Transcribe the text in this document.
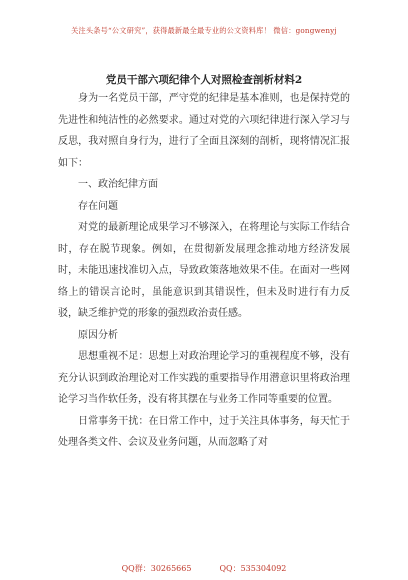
关注头条号“公文研究”，获得最新最全最专业的公文资料库！ 微信：gongwenyj
党员干部六项纪律个人对照检查剖析材料2

身为一名党员干部，严守党的纪律是基本准则，也是保持党的先进性和纯洁性的必然要求。通过对党的六项纪律进行深入学习与反思，我对照自身行为，进行了全面且深刻的剖析，现将情况汇报如下：

一、政治纪律方面

存在问题

对党的最新理论成果学习不够深入，在将理论与实际工作结合时，存在脱节现象。例如，在贯彻新发展理念推动地方经济发展时，未能迅速找准切入点，导致政策落地效果不佳。在面对一些网络上的错误言论时，虽能意识到其错误性，但未及时进行有力反驳，缺乏维护党的形象的强烈政治责任感。

原因分析

思想重视不足：思想上对政治理论学习的重视程度不够，没有充分认识到政治理论对工作实践的重要指导作用潜意识里将政治理论学习当作软任务，没有将其摆在与业务工作同等重要的位置。

日常事务干扰：在日常工作中，过于关注具体事务，每天忙于处理各类文件、会议及业务问题，从而忽略了对

QQ群：30265665	QQ：535304092
